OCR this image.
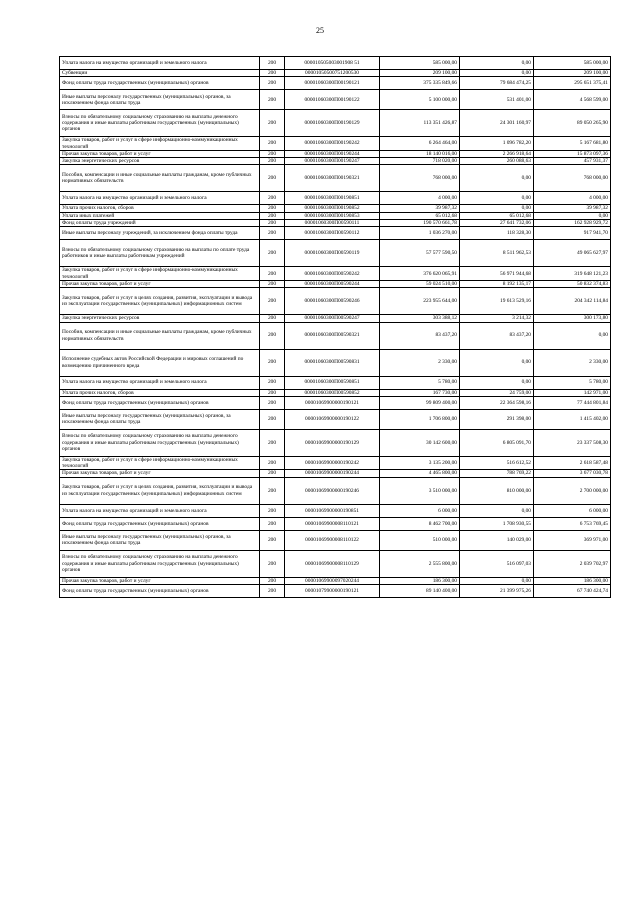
25
Уплата налога на имущество организаций и земельного налога	200	000010505003001908 51	585 000,00	0,00	585 000,00
Субвенции	200	00001050500751200530	209 100,00	0,00	209 100,00
Фонд оплаты труда государственных (муниципальных) органов	200	00001060300П00190121	375 335 849,66	79 684 474,25	295 651 375,41
Иные выплаты персоналу государственных (муниципальных) органов, за исключением фонда оплаты труда	200	00001060300П00190122	5 100 000,00	531 401,00	4 568 599,00
Взносы по обязательному социальному страхованию на выплаты денежного содержания и иные выплаты работникам государственных (муниципальных) органов	200	00001060300П00190129	113 351 426,87	24 301 160,97	89 050 265,90
Закупка товаров, работ и услуг в сфере информационно-коммуникационных технологий	200	00001060300П00190242	6 264 464,00	1 096 782,20	5 167 681,80
Прочая закупка товаров, работ и услуг	200	00001060300П00190244	18 140 016,00	2 266 918,64	15 873 097,36
Закупка энергетических ресурсов	200	00001060300П00190247	718 020,00	260 088,63	457 931,37
Пособия, компенсации и иные социальные выплаты гражданам, кроме публичных нормативных обязательств	200	00001060300П00190321	768 000,00	0,00	768 000,00
Уплата налога на имущество организаций и земельного налога	200	00001060300П00190851	4 000,00	0,00	4 000,00
Уплата прочих налогов, сборов	200	00001060300П00190852	39 987,32	0,00	39 987,32
Уплата иных платежей	200	00001060300П00190853	65 012,68	65 012,68	0,00
Фонд оплаты труда учреждений	200	00001060300П00590111	190 570 661,78	27 641 732,06	162 928 929,72
Иные выплаты персоналу учреждений, за исключением фонда оплаты труда	200	00001060300П00590112	1 036 270,00	118 328,30	917 941,70
Взносы по обязательному социальному страхованию на выплаты по оплате труда работников и иные выплаты работникам учреждений	200	00001060300П00590119	57 577 590,50	8 511 962,53	49 065 627,97
Закупка товаров, работ и услуг в сфере информационно-коммуникационных технологий	200	00001060300П00590242	376 620 065,91	56 971 944,68	319 648 121,23
Прочая закупка товаров, работ и услуг	200	00001060300П00590244	59 024 510,00	8 192 135,17	50 832 374,83
Закупка товаров, работ и услуг в целях создания, развития, эксплуатации и вывода из эксплуатации государственных (муниципальных) информационных систем	200	00001060300П00590246	223 955 644,00	19 613 529,16	204 342 114,84
Закупка энергетических ресурсов	200	00001060300П00590247	303 388,12	3 214,32	300 173,80
Пособия, компенсации и иные социальные выплаты гражданам, кроме публичных нормативных обязательств	200	00001060300П00590321	83 437,20	83 437,20	0,00
Исполнение судебных актов Российской Федерации и мировых соглашений по возмещению причиненного вреда	200	00001060300П00590831	2 330,00	0,00	2 330,00
Уплата налога на имущество организаций и земельного налога	200	00001060300П00590851	5 780,00	0,00	5 780,00
Уплата прочих налогов, сборов	200	00001060300П00590852	167 730,00	24 759,00	142 971,00
Фонд оплаты труда государственных (муниципальных) органов	200	00001069900000190121	99 809 400,00	22 364 598,16	77 444 801,84
Иные выплаты персоналу государственных (муниципальных) органов, за исключением фонда оплаты труда	200	00001069900000190122	1 706 800,00	291 398,00	1 415 402,00
Взносы по обязательному социальному страхованию на выплаты денежного содержания и иные выплаты работникам государственных (муниципальных) органов	200	00001069900000190129	30 142 600,00	6 805 091,70	23 337 508,30
Закупка товаров, работ и услуг в сфере информационно-коммуникационных технологий	200	00001069900000190242	3 135 200,00	516 612,52	2 618 587,48
Прочая закупка товаров, работ и услуг	200	00001069900000190244	4 465 800,00	788 769,22	3 677 030,78
Закупка товаров, работ и услуг в целях создания, развития, эксплуатации и вывода из эксплуатации государственных (муниципальных) информационных систем	200	00001069900000190246	3 510 000,00	810 000,00	2 700 000,00
Уплата налога на имущество организаций и земельного налога	200	00001069900000190851	6 000,00	0,00	6 000,00
Фонд оплаты труда государственных (муниципальных) органов	200	00001069900008110121	8 462 700,00	1 708 930,55	6 753 769,45
Иные выплаты персоналу государственных (муниципальных) органов, за исключением фонда оплаты труда	200	00001069900008110122	510 000,00	140 029,00	369 971,00
Взносы по обязательному социальному страхованию на выплаты денежного содержания и иные выплаты работникам государственных (муниципальных) органов	200	00001069900008110129	2 555 800,00	516 097,03	2 039 702,97
Прочая закупка товаров, работ и услуг	200	00001069900097020244	186 300,00	0,00	186 300,00
Фонд оплаты труда государственных (муниципальных) органов	200	00001079900000190121	89 140 400,00	21 399 975,26	67 740 424,74
